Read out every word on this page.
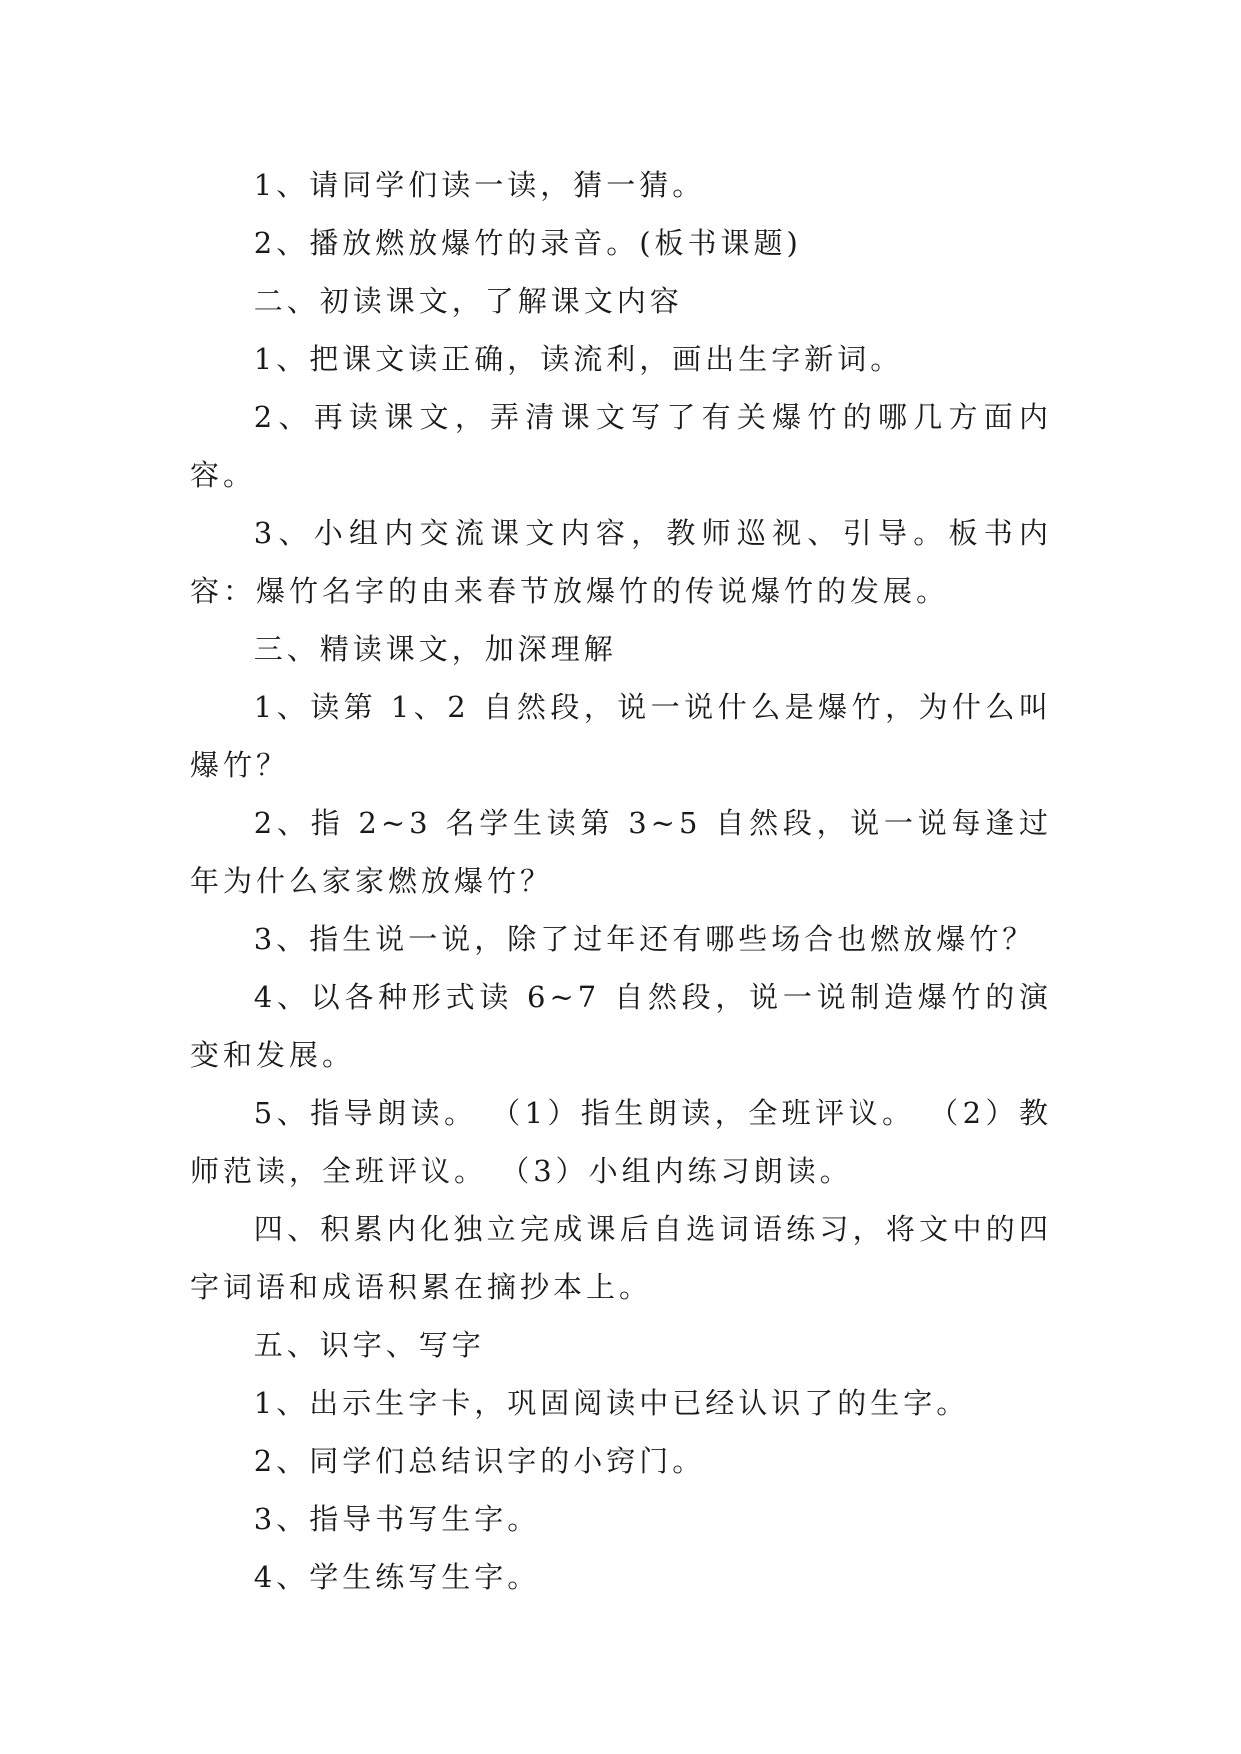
1、请同学们读一读，猜一猜。

2、播放燃放爆竹的录音。(板书课题)

二、初读课文，了解课文内容

1、把课文读正确，读流利，画出生字新词。

2、再读课文，弄清课文写了有关爆竹的哪几方面内容。

3、小组内交流课文内容，教师巡视、引导。板书内容：爆竹名字的由来春节放爆竹的传说爆竹的发展。

三、精读课文，加深理解

1、读第 1、2 自然段，说一说什么是爆竹，为什么叫爆竹？

2、指 2~3 名学生读第 3~5 自然段，说一说每逢过年为什么家家燃放爆竹？

3、指生说一说，除了过年还有哪些场合也燃放爆竹？

4、以各种形式读 6~7 自然段，说一说制造爆竹的演变和发展。

5、指导朗读。 （1）指生朗读，全班评议。 （2）教师范读，全班评议。 （3）小组内练习朗读。

四、积累内化独立完成课后自选词语练习，将文中的四字词语和成语积累在摘抄本上。

五、识字、写字

1、出示生字卡，巩固阅读中已经认识了的生字。

2、同学们总结识字的小窍门。

3、指导书写生字。

4、学生练写生字。
